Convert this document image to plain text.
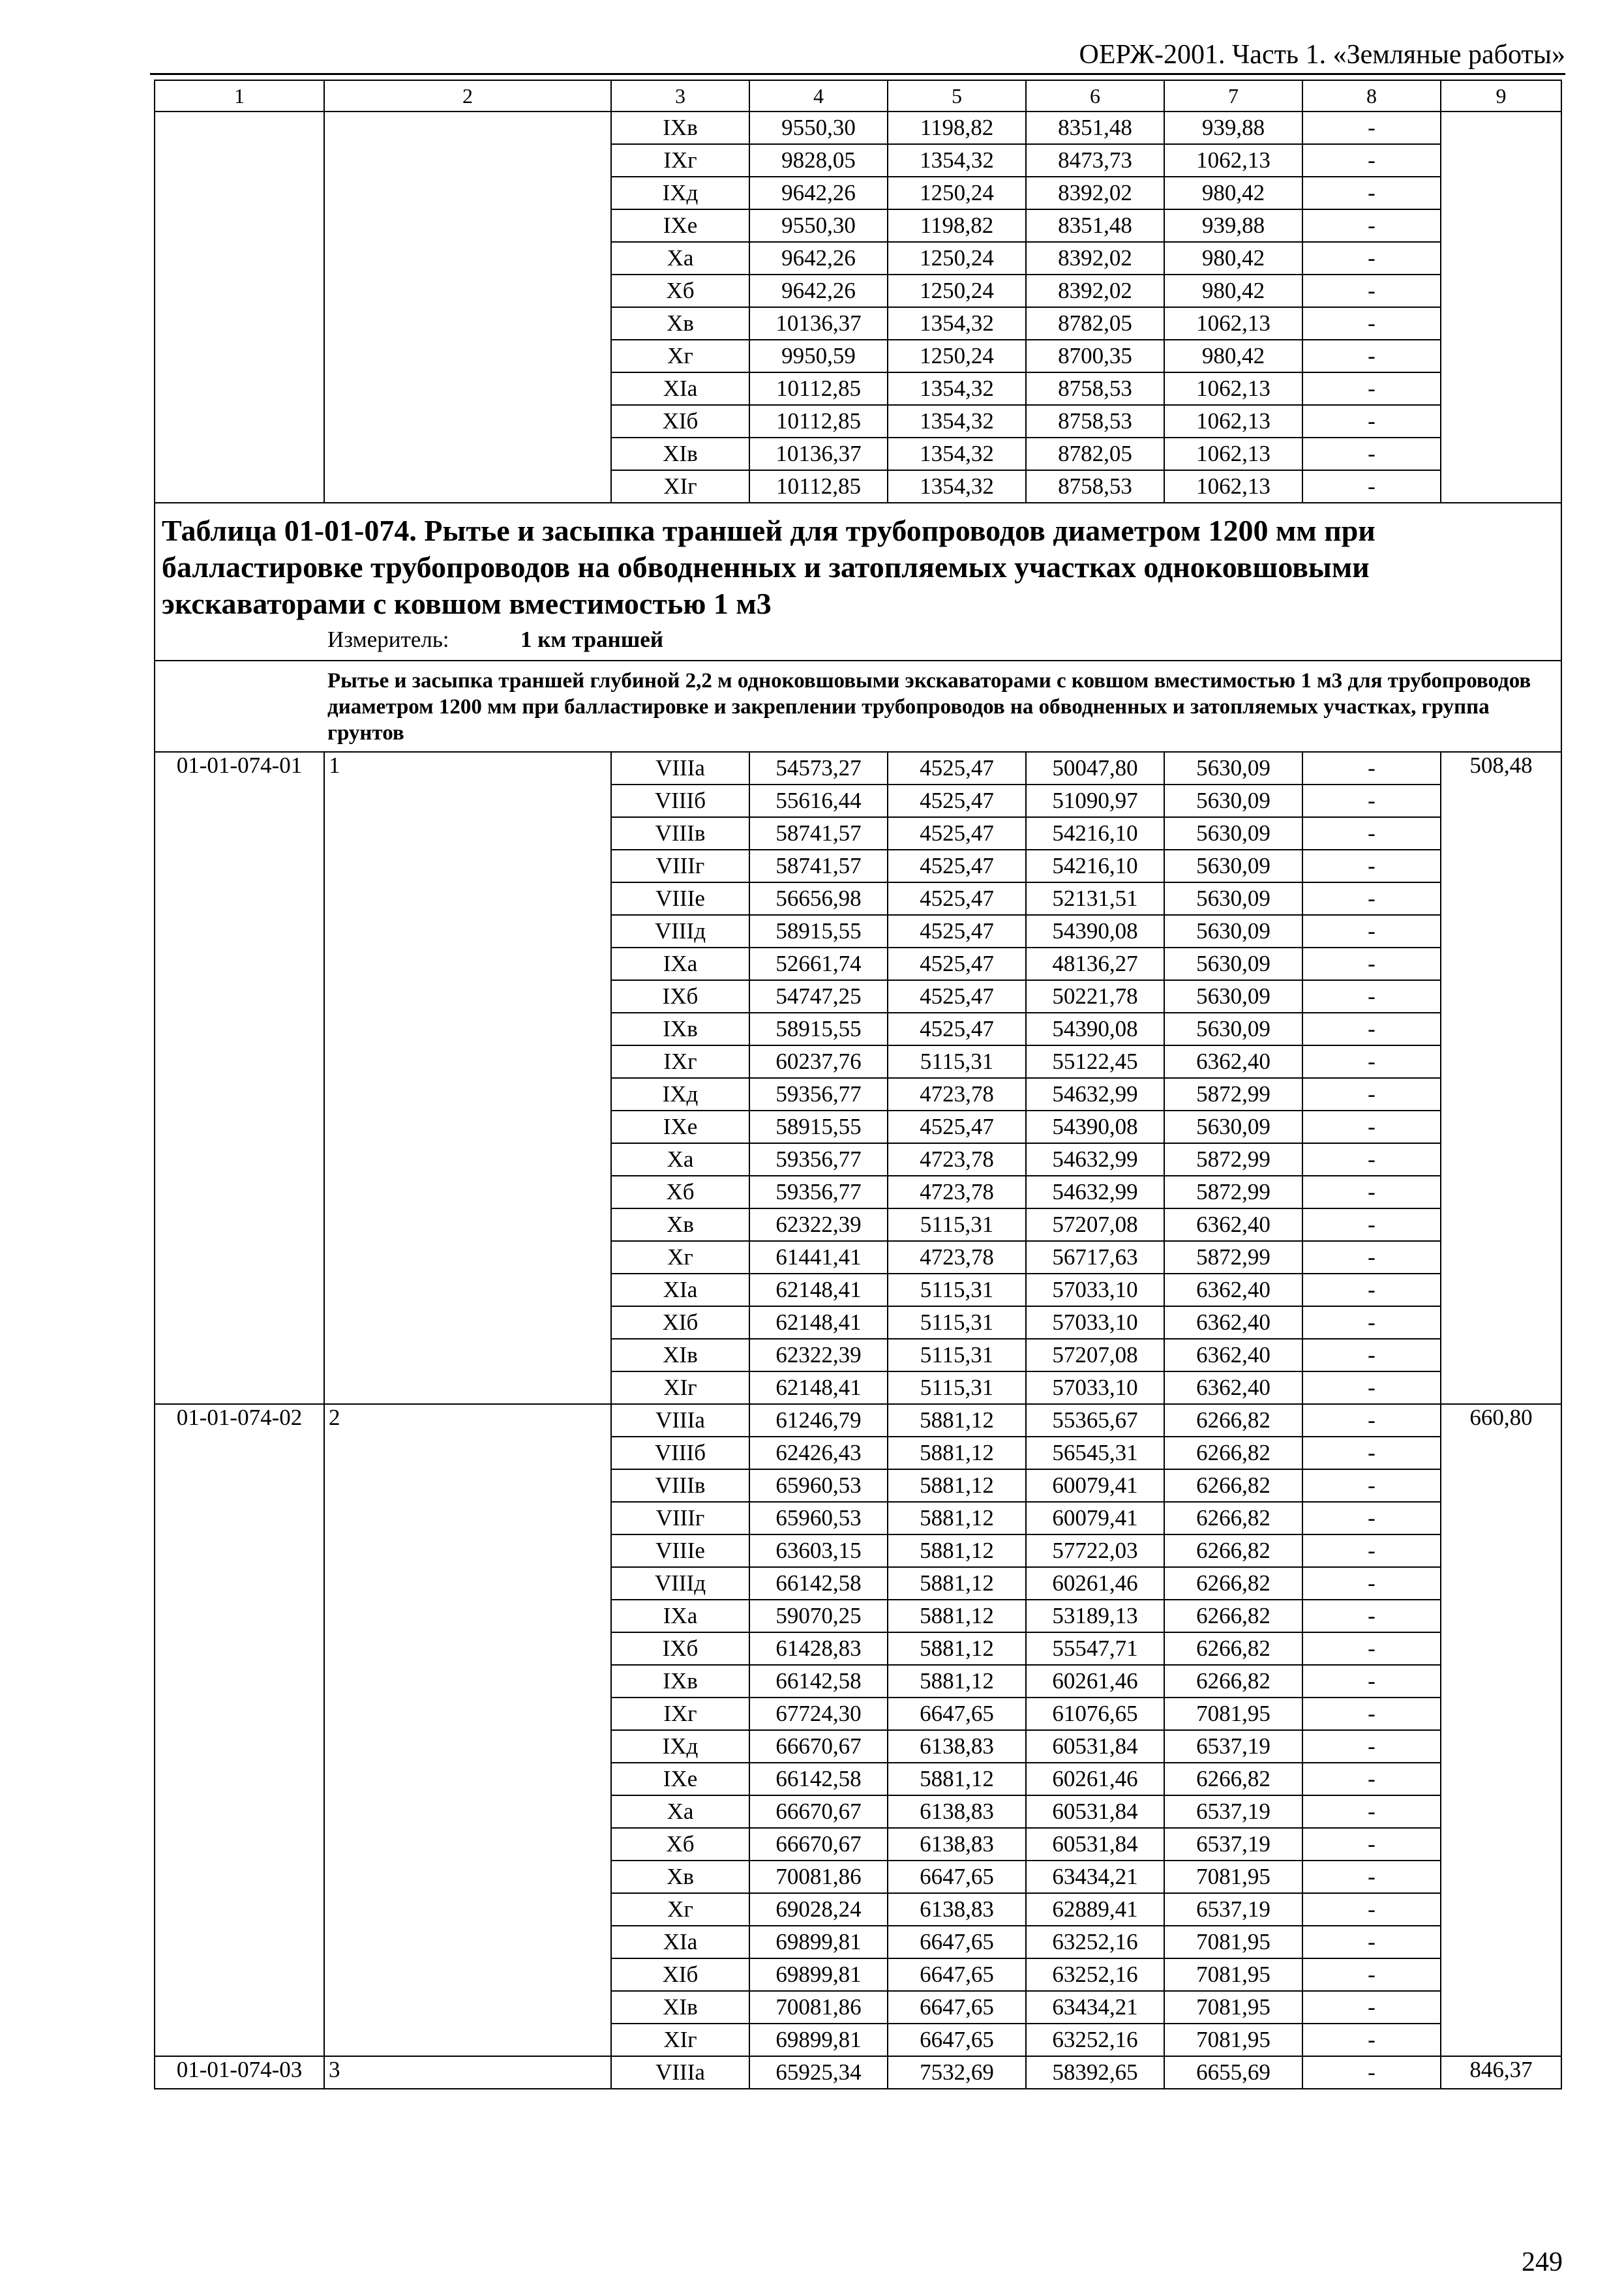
ОЕРЖ-2001. Часть 1. «Земляные работы»
1	2	3	4	5	6	7	8	9
		IXв	9550,30	1198,82	8351,48	939,88	-	
		IXг	9828,05	1354,32	8473,73	1062,13	-	
		IXд	9642,26	1250,24	8392,02	980,42	-	
		IXе	9550,30	1198,82	8351,48	939,88	-	
		Xа	9642,26	1250,24	8392,02	980,42	-	
		Xб	9642,26	1250,24	8392,02	980,42	-	
		Xв	10136,37	1354,32	8782,05	1062,13	-	
		Xг	9950,59	1250,24	8700,35	980,42	-	
		XIа	10112,85	1354,32	8758,53	1062,13	-	
		XIб	10112,85	1354,32	8758,53	1062,13	-	
		XIв	10136,37	1354,32	8782,05	1062,13	-	
		XIг	10112,85	1354,32	8758,53	1062,13	-	

Таблица 01-01-074. Рытье и засыпка траншей для трубопроводов диаметром 1200 мм при балластировке трубопроводов на обводненных и затопляемых участках одноковшовыми экскаваторами с ковшом вместимостью 1 м3
Измеритель: 1 км траншей								

Рытье и засыпка траншей глубиной 2,2 м одноковшовыми экскаваторами с ковшом вместимостью 1 м3 для трубопроводов диаметром 1200 мм при балластировке и закреплении трубопроводов на обводненных и затопляемых участках, группа грунтов								
01-01-074-01	1	VIIIа	54573,27	4525,47	50047,80	5630,09	-	508,48
		VIIIб	55616,44	4525,47	51090,97	5630,09	-	
		VIIIв	58741,57	4525,47	54216,10	5630,09	-	
		VIIIг	58741,57	4525,47	54216,10	5630,09	-	
		VIIIе	56656,98	4525,47	52131,51	5630,09	-	
		VIIIд	58915,55	4525,47	54390,08	5630,09	-	
		IXа	52661,74	4525,47	48136,27	5630,09	-	
		IXб	54747,25	4525,47	50221,78	5630,09	-	
		IXв	58915,55	4525,47	54390,08	5630,09	-	
		IXг	60237,76	5115,31	55122,45	6362,40	-	
		IXд	59356,77	4723,78	54632,99	5872,99	-	
		IXе	58915,55	4525,47	54390,08	5630,09	-	
		Xа	59356,77	4723,78	54632,99	5872,99	-	
		Xб	59356,77	4723,78	54632,99	5872,99	-	
		Xв	62322,39	5115,31	57207,08	6362,40	-	
		Xг	61441,41	4723,78	56717,63	5872,99	-	
		XIа	62148,41	5115,31	57033,10	6362,40	-	
		XIб	62148,41	5115,31	57033,10	6362,40	-	
		XIв	62322,39	5115,31	57207,08	6362,40	-	
		XIг	62148,41	5115,31	57033,10	6362,40	-	
01-01-074-02	2	VIIIа	61246,79	5881,12	55365,67	6266,82	-	660,80
		VIIIб	62426,43	5881,12	56545,31	6266,82	-	
		VIIIв	65960,53	5881,12	60079,41	6266,82	-	
		VIIIг	65960,53	5881,12	60079,41	6266,82	-	
		VIIIе	63603,15	5881,12	57722,03	6266,82	-	
		VIIIд	66142,58	5881,12	60261,46	6266,82	-	
		IXа	59070,25	5881,12	53189,13	6266,82	-	
		IXб	61428,83	5881,12	55547,71	6266,82	-	
		IXв	66142,58	5881,12	60261,46	6266,82	-	
		IXг	67724,30	6647,65	61076,65	7081,95	-	
		IXд	66670,67	6138,83	60531,84	6537,19	-	
		IXе	66142,58	5881,12	60261,46	6266,82	-	
		Xа	66670,67	6138,83	60531,84	6537,19	-	
		Xб	66670,67	6138,83	60531,84	6537,19	-	
		Xв	70081,86	6647,65	63434,21	7081,95	-	
		Xг	69028,24	6138,83	62889,41	6537,19	-	
		XIа	69899,81	6647,65	63252,16	7081,95	-	
		XIб	69899,81	6647,65	63252,16	7081,95	-	
		XIв	70081,86	6647,65	63434,21	7081,95	-	
		XIг	69899,81	6647,65	63252,16	7081,95	-	
01-01-074-03	3	VIIIа	65925,34	7532,69	58392,65	6655,69	-	846,37
249
